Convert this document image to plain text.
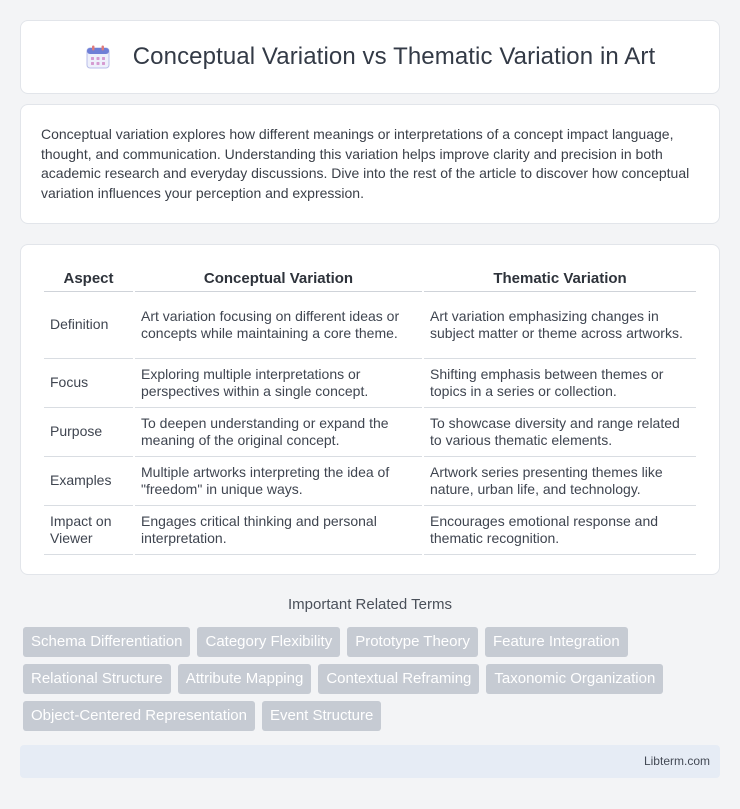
Conceptual Variation vs Thematic Variation in Art

Conceptual variation explores how different meanings or interpretations of a concept impact language, thought, and communication. Understanding this variation helps improve clarity and precision in both academic research and everyday discussions. Dive into the rest of the article to discover how conceptual variation influences your perception and expression.

Aspect	Conceptual Variation	Thematic Variation
Definition	Art variation focusing on different ideas or concepts while maintaining a core theme.	Art variation emphasizing changes in subject matter or theme across artworks.
Focus	Exploring multiple interpretations or perspectives within a single concept.	Shifting emphasis between themes or topics in a series or collection.
Purpose	To deepen understanding or expand the meaning of the original concept.	To showcase diversity and range related to various thematic elements.
Examples	Multiple artworks interpreting the idea of "freedom" in unique ways.	Artwork series presenting themes like nature, urban life, and technology.
Impact on Viewer	Engages critical thinking and personal interpretation.	Encourages emotional response and thematic recognition.
Important Related Terms
Schema Differentiation	Category Flexibility	Prototype Theory	Feature Integration
Relational Structure	Attribute Mapping	Contextual Reframing	Taxonomic Organization
Object-Centered Representation	Event Structure
Libterm.com
